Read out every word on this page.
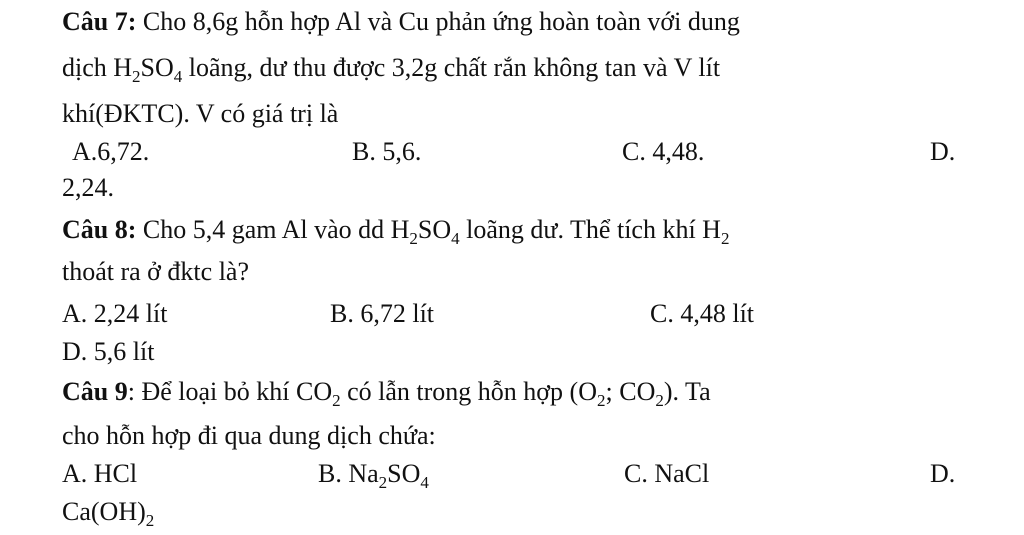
Câu 7: Cho 8,6g hỗn hợp Al và Cu phản ứng hoàn toàn với dung
dịch $H_2SO_4$ loãng, dư thu được 3,2g chất rắn không tan và V lít
khí(ĐKTC). V có giá trị là
A.6,72.	B. 5,6.	C. 4,48.	D.
2,24.
Câu 8: Cho 5,4 gam Al vào dd $H_2SO_4$ loãng dư. Thể tích khí $H_2$
thoát ra ở đktc là?
A. 2,24 lít	B. 6,72 lít	C. 4,48 lít
D. 5,6 lít
Câu 9: Để loại bỏ khí $CO_2$ có lẫn trong hỗn hợp ($O_2$; $CO_2$). Ta
cho hỗn hợp đi qua dung dịch chứa:
A. HCl	B. $Na_2SO_4$	C. NaCl	D.
$Ca(OH)_2$
